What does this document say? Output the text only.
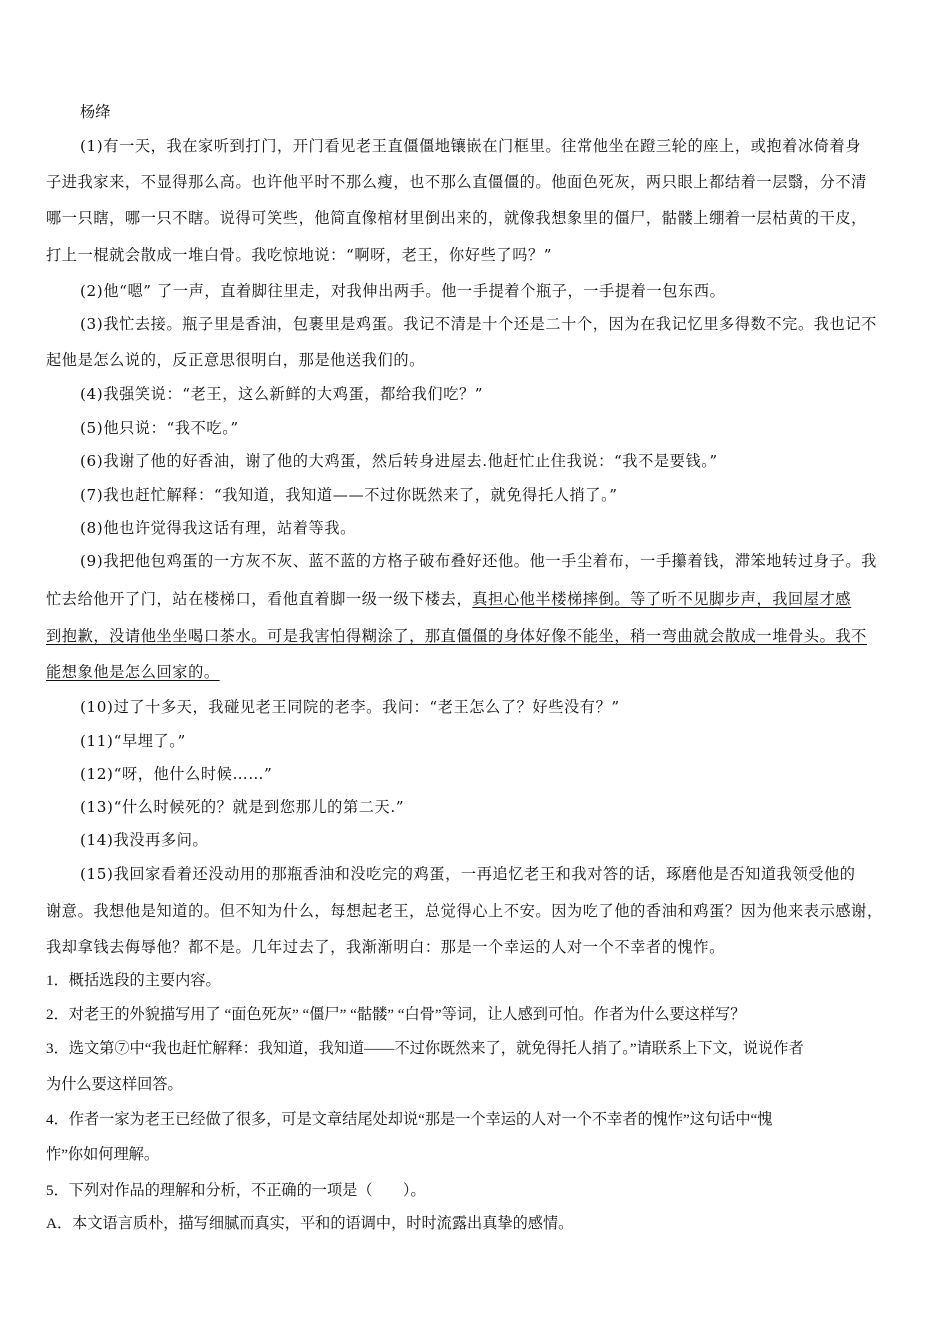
杨绛
(1)有一天，我在家听到打门，开门看见老王直僵僵地镶嵌在门框里。往常他坐在蹬三轮的座上，或抱着冰倚着身
子进我家来，不显得那么高。也许他平时不那么瘦，也不那么直僵僵的。他面色死灰，两只眼上都结着一层翳，分不清
哪一只瞎，哪一只不瞎。说得可笑些，他简直像棺材里倒出来的，就像我想象里的僵尸，骷髅上绷着一层枯黄的干皮，
打上一棍就会散成一堆白骨。我吃惊地说：“啊呀，老王，你好些了吗？”
(2)他“嗯” 了一声，直着脚往里走，对我伸出两手。他一手提着个瓶子，一手提着一包东西。
(3)我忙去接。瓶子里是香油，包裹里是鸡蛋。我记不清是十个还是二十个，因为在我记忆里多得数不完。我也记不
起他是怎么说的，反正意思很明白，那是他送我们的。
(4)我强笑说：“老王，这么新鲜的大鸡蛋，都给我们吃？”
(5)他只说：“我不吃。”
(6)我谢了他的好香油，谢了他的大鸡蛋，然后转身进屋去.他赶忙止住我说：“我不是要钱。”
(7)我也赶忙解释：“我知道，我知道——不过你既然来了，就免得托人捎了。”
(8)他也许觉得我这话有理，站着等我。
(9)我把他包鸡蛋的一方灰不灰、蓝不蓝的方格子破布叠好还他。他一手尘着布，一手攥着钱，滞笨地转过身子。我
忙去给他开了门，站在楼梯口，看他直着脚一级一级下楼去，真担心他半楼梯摔倒。等了听不见脚步声，我回屋才感
到抱歉，没请他坐坐喝口茶水。可是我害怕得糊涂了，那直僵僵的身体好像不能坐，稍一弯曲就会散成一堆骨头。我不
能想象他是怎么回家的。
(10)过了十多天，我碰见老王同院的老李。我问：“老王怎么了？好些没有？”
(11)“早埋了。”
(12)“呀，他什么时候……”
(13)“什么时候死的？就是到您那儿的第二天.”
(14)我没再多问。
(15)我回家看着还没动用的那瓶香油和没吃完的鸡蛋，一再追忆老王和我对答的话，琢磨他是否知道我领受他的
谢意。我想他是知道的。但不知为什么，每想起老王，总觉得心上不安。因为吃了他的香油和鸡蛋？因为他来表示感谢，
我却拿钱去侮辱他？都不是。几年过去了，我渐渐明白：那是一个幸运的人对一个不幸者的愧怍。
1．概括选段的主要内容。
2．对老王的外貌描写用了 “面色死灰” “僵尸” “骷髅” “白骨”等词，让人感到可怕。作者为什么要这样写？
3．选文第⑦中“我也赶忙解释：我知道，我知道——不过你既然来了，就免得托人捎了。”请联系上下文，说说作者
为什么要这样回答。
4．作者一家为老王已经做了很多，可是文章结尾处却说“那是一个幸运的人对一个不幸者的愧怍”这句话中“愧
怍”你如何理解。
5．下列对作品的理解和分析，不正确的一项是（　　）。
A．本文语言质朴，描写细腻而真实，平和的语调中，时时流露出真挚的感情。
